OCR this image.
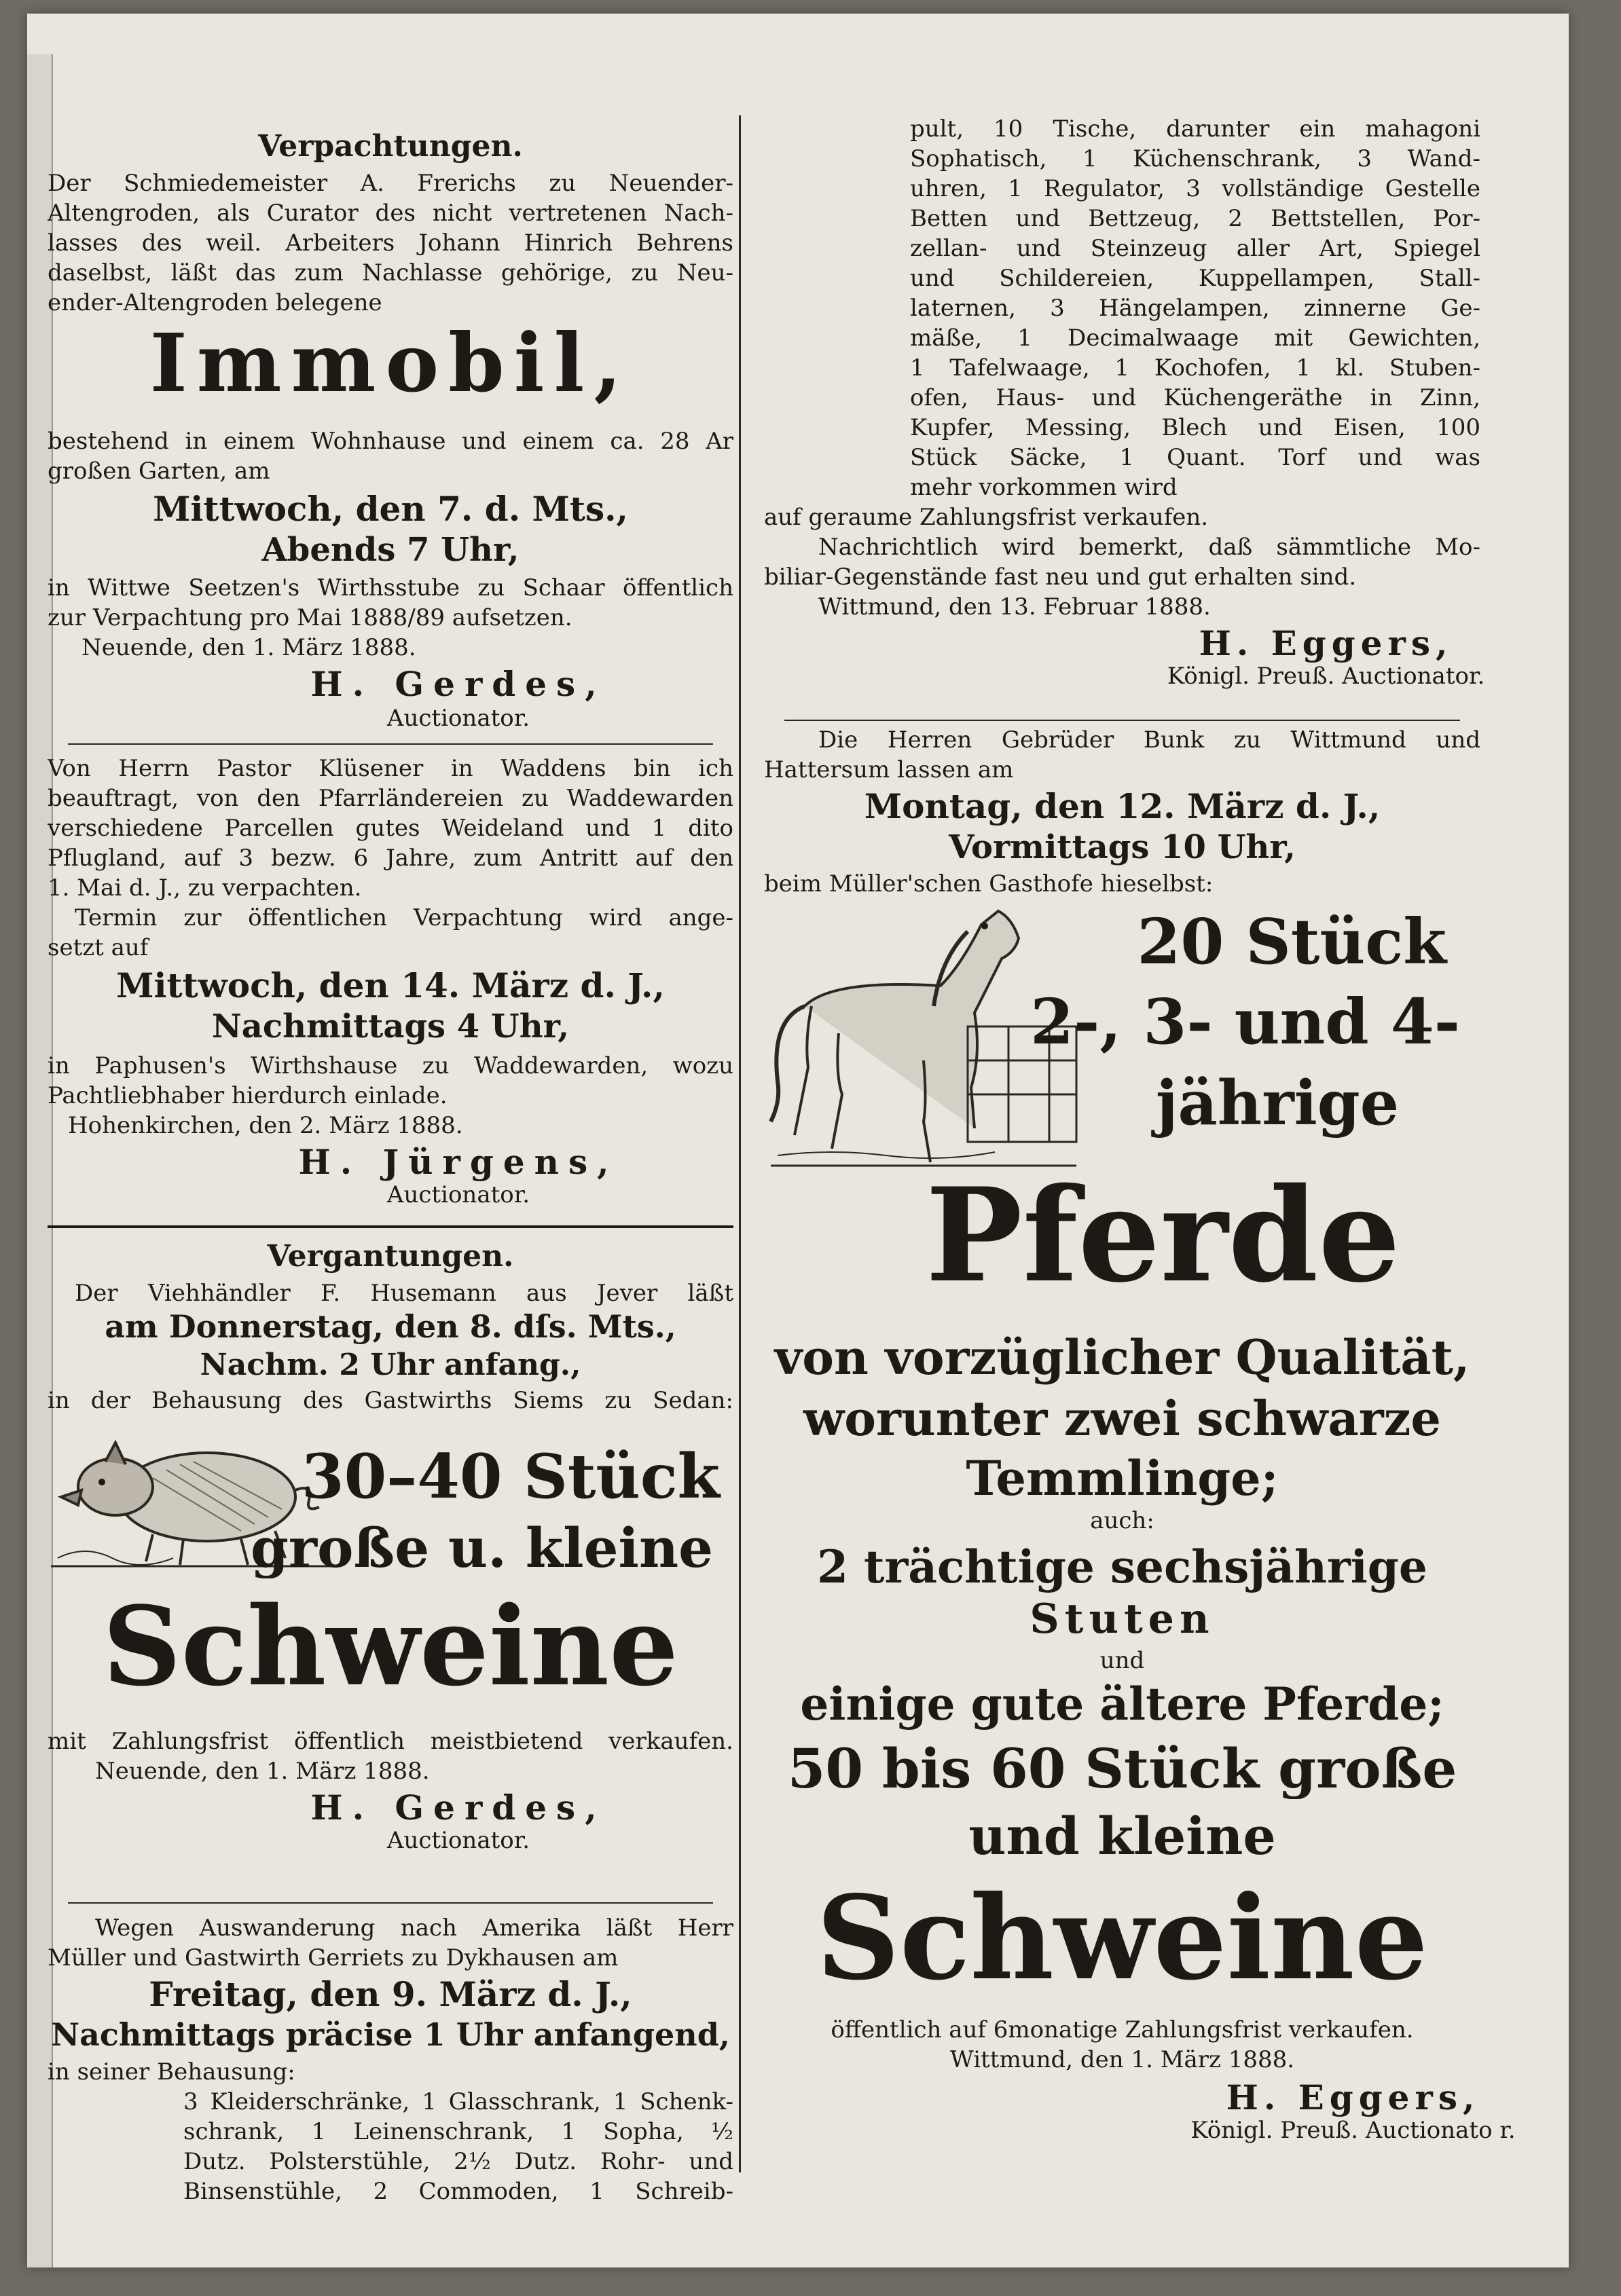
Verpachtungen.
Der Schmiedemeister A. Frerichs zu Neuender-
Altengroden, als Curator des nicht vertretenen Nach-
lasses des weil. Arbeiters Johann Hinrich Behrens
daselbst, läßt das zum Nachlasse gehörige, zu Neu-
ender-Altengroden belegene
Immobil,
bestehend in einem Wohnhause und einem ca. 28 Ar
großen Garten, am
Mittwoch, den 7. d. Mts.,
Abends 7 Uhr,
in Wittwe Seetzen's Wirthsstube zu Schaar öffentlich
zur Verpachtung pro Mai 1888/89 aufsetzen.
Neuende, den 1. März 1888.
H. Gerdes,
Auctionator.
Von Herrn Pastor Klüsener in Waddens bin ich
beauftragt, von den Pfarrländereien zu Waddewarden
verschiedene Parcellen gutes Weideland und 1 dito
Pflugland, auf 3 bezw. 6 Jahre, zum Antritt auf den
1. Mai d. J., zu verpachten.
Termin zur öffentlichen Verpachtung wird ange-
setzt auf
Mittwoch, den 14. März d. J.,
Nachmittags 4 Uhr,
in Paphusen's Wirthshause zu Waddewarden, wozu
Pachtliebhaber hierdurch einlade.
Hohenkirchen, den 2. März 1888.
H. Jürgens,
Auctionator.
Vergantungen.
Der Viehhändler F. Husemann aus Jever läßt
am Donnerstag, den 8. dſs. Mts.,
Nachm. 2 Uhr anfang.,
in der Behausung des Gastwirths Siems zu Sedan:
30–40 Stück
große u. kleine
Schweine
mit Zahlungsfrist öffentlich meistbietend verkaufen.
Neuende, den 1. März 1888.
H. Gerdes,
Auctionator.
Wegen Auswanderung nach Amerika läßt Herr
Müller und Gastwirth Gerriets zu Dykhausen am
Freitag, den 9. März d. J.,
Nachmittags präcise 1 Uhr anfangend,
in seiner Behausung:
3 Kleiderschränke, 1 Glasschrank, 1 Schenk-
schrank, 1 Leinenschrank, 1 Sopha, ½
Dutz. Polsterstühle, 2½ Dutz. Rohr- und
Binsenstühle, 2 Commoden, 1 Schreib-
pult, 10 Tische, darunter ein mahagoni
Sophatisch, 1 Küchenschrank, 3 Wand-
uhren, 1 Regulator, 3 vollständige Gestelle
Betten und Bettzeug, 2 Bettstellen, Por-
zellan- und Steinzeug aller Art, Spiegel
und Schildereien, Kuppellampen, Stall-
laternen, 3 Hängelampen, zinnerne Ge-
mäße, 1 Decimalwaage mit Gewichten,
1 Tafelwaage, 1 Kochofen, 1 kl. Stuben-
ofen, Haus- und Küchengeräthe in Zinn,
Kupfer, Messing, Blech und Eisen, 100
Stück Säcke, 1 Quant. Torf und was
mehr vorkommen wird
auf geraume Zahlungsfrist verkaufen.
Nachrichtlich wird bemerkt, daß sämmtliche Mo-
biliar-Gegenstände fast neu und gut erhalten sind.
Wittmund, den 13. Februar 1888.
H. Eggers,
Königl. Preuß. Auctionator.
Die Herren Gebrüder Bunk zu Wittmund und
Hattersum lassen am
Montag, den 12. März d. J.,
Vormittags 10 Uhr,
beim Müller'schen Gasthofe hieselbst:
20 Stück
2-, 3- und 4-
jährige
Pferde
von vorzüglicher Qualität,
worunter zwei schwarze
Temmlinge;
auch:
2 trächtige sechsjährige
Stuten
und
einige gute ältere Pferde;
50 bis 60 Stück große
und kleine
Schweine
öffentlich auf 6monatige Zahlungsfrist verkaufen.
Wittmund, den 1. März 1888.
H. Eggers,
Königl. Preuß. Auctionato r.
